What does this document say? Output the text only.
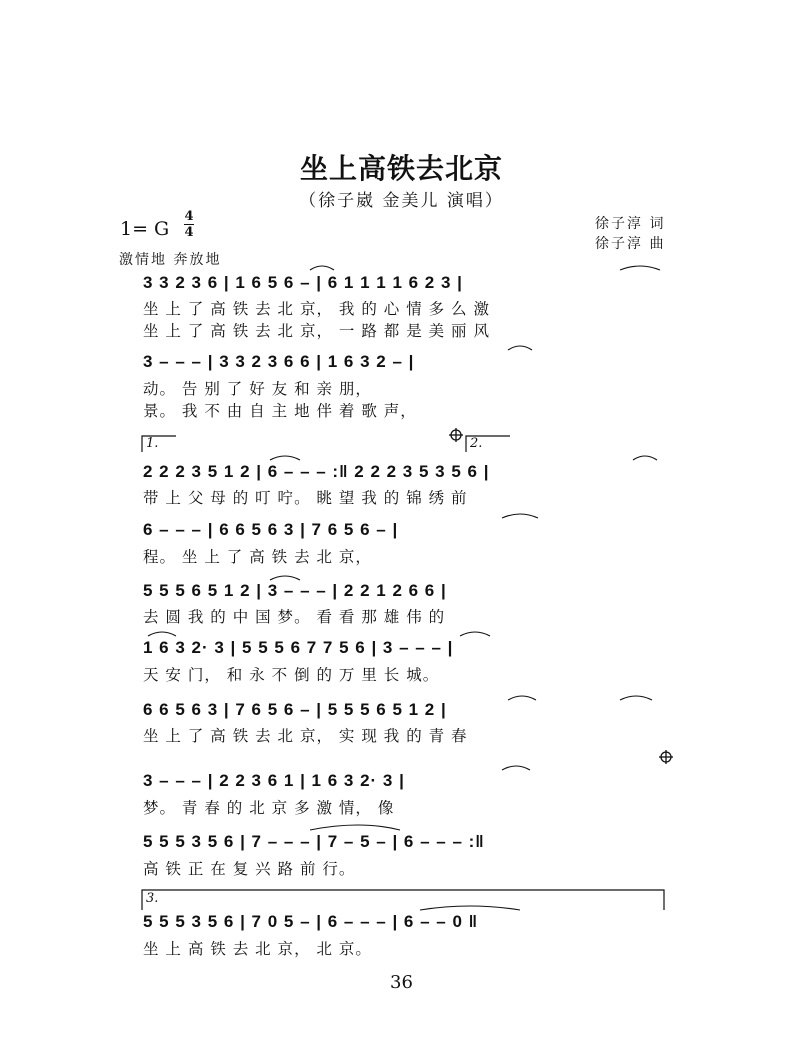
坐上高铁去北京
（徐子崴 金美儿 演唱）
1= G
4
4
激情地 奔放地
徐子淳 词
徐子淳 曲
3 3 2 3 6 | 1 6 5 6 – | 6 1 1 1 1 6 2 3 |
坐 上 了 高 铁 去 北 京， 我 的 心 情 多 么 激
坐 上 了 高 铁 去 北 京， 一 路 都 是 美 丽 风
3 – – – | 3 3 2 3 6 6 | 1 6 3 2 – |
动。 告 别 了 好 友 和 亲 朋，
景。 我 不 由 自 主 地 伴 着 歌 声，
1.	2.
2 2 2 3 5 1 2 | 6 – – – :‖ 2 2 2 3 5 3 5 6 |
带 上 父 母 的 叮 咛。 眺 望 我 的 锦 绣 前
6 – – – | 6 6 5 6 3 | 7 6 5 6 – |
程。 坐 上 了 高 铁 去 北 京，
5 5 5 6 5 1 2 | 3 – – – | 2 2 1 2 6 6 |
去 圆 我 的 中 国 梦。 看 看 那 雄 伟 的
1 6 3 2· 3 | 5 5 5 6 7 7 5 6 | 3 – – – |
天 安 门， 和 永 不 倒 的 万 里 长 城。
6 6 5 6 3 | 7 6 5 6 – | 5 5 5 6 5 1 2 |
坐 上 了 高 铁 去 北 京， 实 现 我 的 青 春
3 – – – | 2 2 3 6 1 | 1 6 3 2· 3 |
梦。 青 春 的 北 京 多 激 情， 像
5 5 5 3 5 6 | 7 – – – | 7 – 5 – | 6 – – – :‖
高 铁 正 在 复 兴 路 前 行。
3.
5 5 5 3 5 6 | 7 0 5 – | 6 – – – | 6 – – 0 ‖
坐 上 高 铁 去 北 京， 北 京。
36
